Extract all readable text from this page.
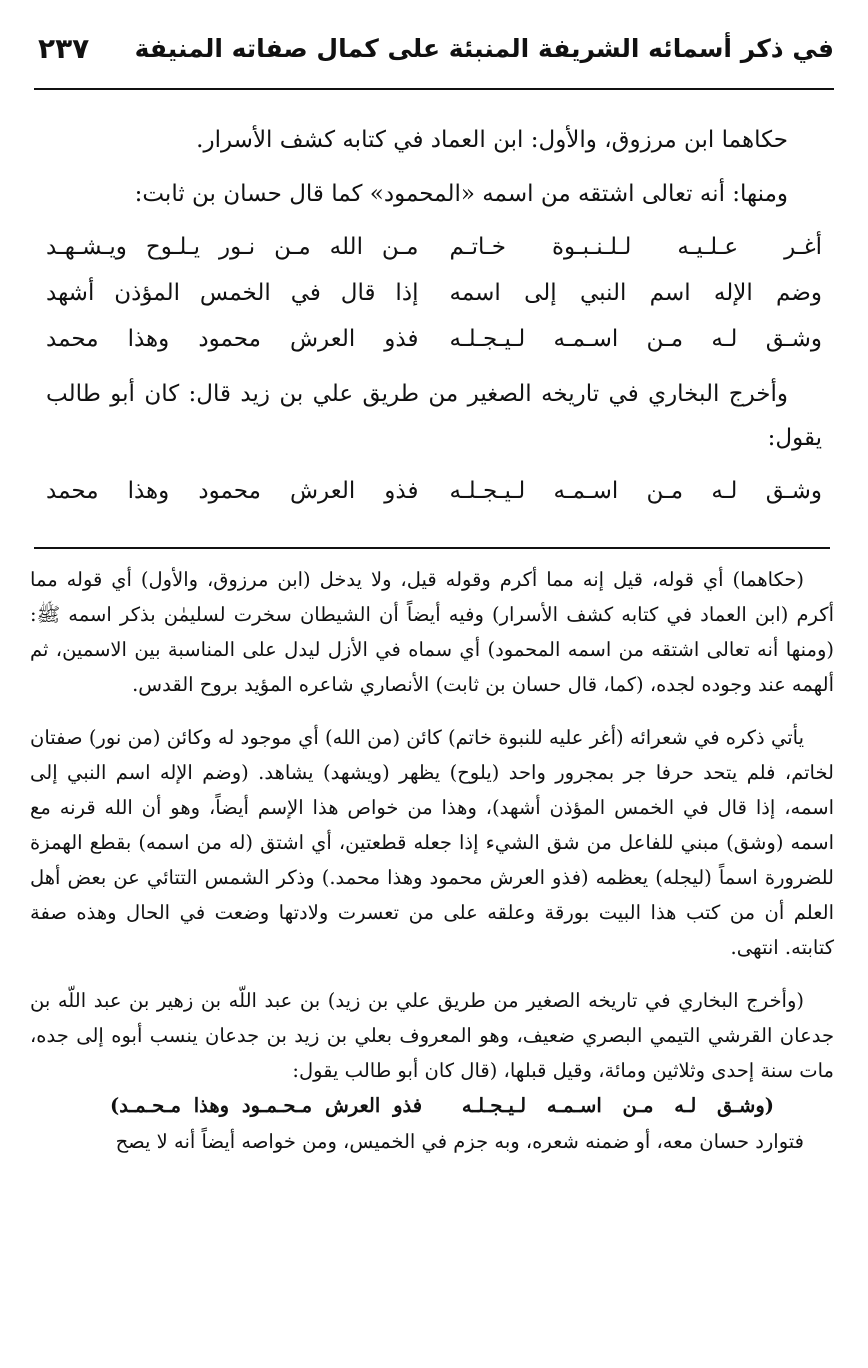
في ذكر أسمائه الشريفة المنبئة على كمال صفاته المنيفة
٢٣٧

حكاهما ابن مرزوق، والأول: ابن العماد في كتابه كشف الأسرار.

ومنها: أنه تعالى اشتقه من اسمه «المحمود» كما قال حسان بن ثابت:

أغـر عـلـيـه لـلـنـبـوة خـاتـم
مـن الله مـن نـور يـلـوح ويـشـهـد
وضم الإله اسم النبي إلى اسمه
إذا قال في الخمس المؤذن أشهد
وشـق لـه مـن اسـمـه لـيـجـلـه
فذو العرش محمود وهذا محمد

وأخرج البخاري في تاريخه الصغير من طريق علي بن زيد قال: كان أبو طالب يقول:

وشـق لـه مـن اسـمـه لـيـجـلـه
فذو العرش محمود وهذا محمد

(حكاهما) أي قوله، قيل إنه مما أكرم وقوله قيل، ولا يدخل (ابن مرزوق، والأول) أي قوله مما أكرم (ابن العماد في كتابه كشف الأسرار) وفيه أيضاً أن الشيطان سخرت لسليمٰن بذكر اسمه ﷺ: (ومنها أنه تعالى اشتقه من اسمه المحمود) أي سماه في الأزل ليدل على المناسبة بين الاسمين، ثم ألهمه عند وجوده لجده، (كما، قال حسان بن ثابت) الأنصاري شاعره المؤيد بروح القدس.

يأتي ذكره في شعرائه (أغر عليه للنبوة خاتم) كائن (من الله) أي موجود له وكائن (من نور) صفتان لخاتم، فلم يتحد حرفا جر بمجرور واحد (يلوح) يظهر (ويشهد) يشاهد. (وضم الإله اسم النبي إلى اسمه، إذا قال في الخمس المؤذن أشهد)، وهذا من خواص هذا الإسم أيضاً، وهو أن الله قرنه مع اسمه (وشق) مبني للفاعل من شق الشيء إذا جعله قطعتين، أي اشتق (له من اسمه) بقطع الهمزة للضرورة اسماً (ليجله) يعظمه (فذو العرش محمود وهذا محمد.) وذكر الشمس التتائي عن بعض أهل العلم أن من كتب هذا البيت بورقة وعلقه على من تعسرت ولادتها وضعت في الحال وهذه صفة كتابته. انتهى.

(وأخرج البخاري في تاريخه الصغير من طريق علي بن زيد) بن عبد اللّه بن زهير بن عبد اللّه بن جدعان القرشي التيمي البصري ضعيف، وهو المعروف بعلي بن زيد بن جدعان ينسب أبوه إلى جده، مات سنة إحدى وثلاثين ومائة، وقيل قبلها، (قال كان أبو طالب يقول:

(وشـق لـه مـن اسـمـه لـيـجـلـه
فذو العرش مـحـمـود وهذا مـحـمـد)

فتوارد حسان معه، أو ضمنه شعره، وبه جزم في الخميس، ومن خواصه أيضاً أنه لا يصح
